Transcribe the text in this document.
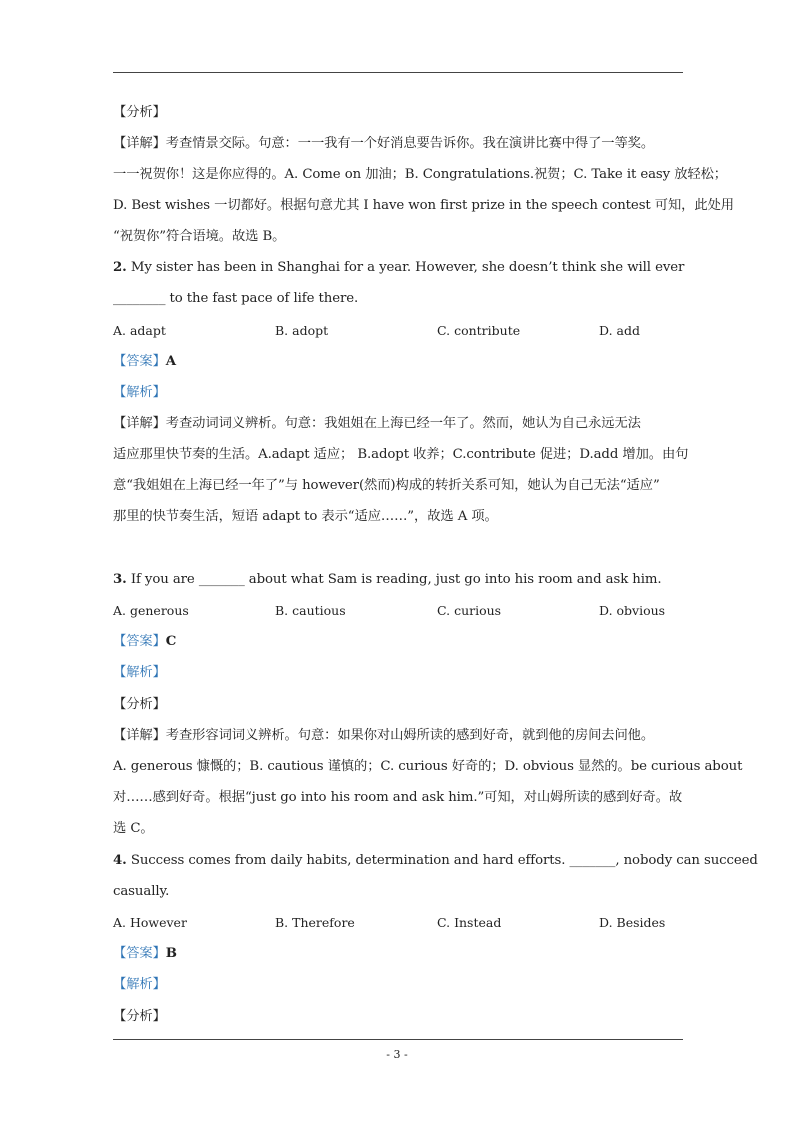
【分析】
【详解】考查情景交际。句意：一一我有一个好消息要告诉你。我在演讲比赛中得了一等奖。
一一祝贺你！这是你应得的。A. Come on 加油；B. Congratulations.祝贺；C. Take it easy 放轻松；
D. Best wishes 一切都好。根据句意尤其 I have won first prize in the speech contest 可知，此处用
“祝贺你”符合语境。故选 B。
2. My sister has been in Shanghai for a year. However, she doesn’t think she will ever
________ to the fast pace of life there.
A. adapt	B. adopt	C. contribute	D. add
【答案】A
【解析】
【详解】考查动词词义辨析。句意：我姐姐在上海已经一年了。然而，她认为自己永远无法
适应那里快节奏的生活。A.adapt 适应； B.adopt 收养；C.contribute 促进；D.add 增加。由句
意“我姐姐在上海已经一年了”与 however(然而)构成的转折关系可知，她认为自己无法“适应”
那里的快节奏生活，短语 adapt to 表示“适应……”，故选 A 项。
3. If you are _______ about what Sam is reading, just go into his room and ask him.
A. generous	B. cautious	C. curious	D. obvious
【答案】C
【解析】
【分析】
【详解】考查形容词词义辨析。句意：如果你对山姆所读的感到好奇，就到他的房间去问他。
A. generous 慷慨的；B. cautious 谨慎的；C. curious 好奇的；D. obvious 显然的。be curious about
对……感到好奇。根据“just go into his room and ask him.”可知，对山姆所读的感到好奇。故
选 C。
4. Success comes from daily habits, determination and hard efforts. _______, nobody can succeed
casually.
A. However	B. Therefore	C. Instead	D. Besides
【答案】B
【解析】
【分析】
- 3 -
